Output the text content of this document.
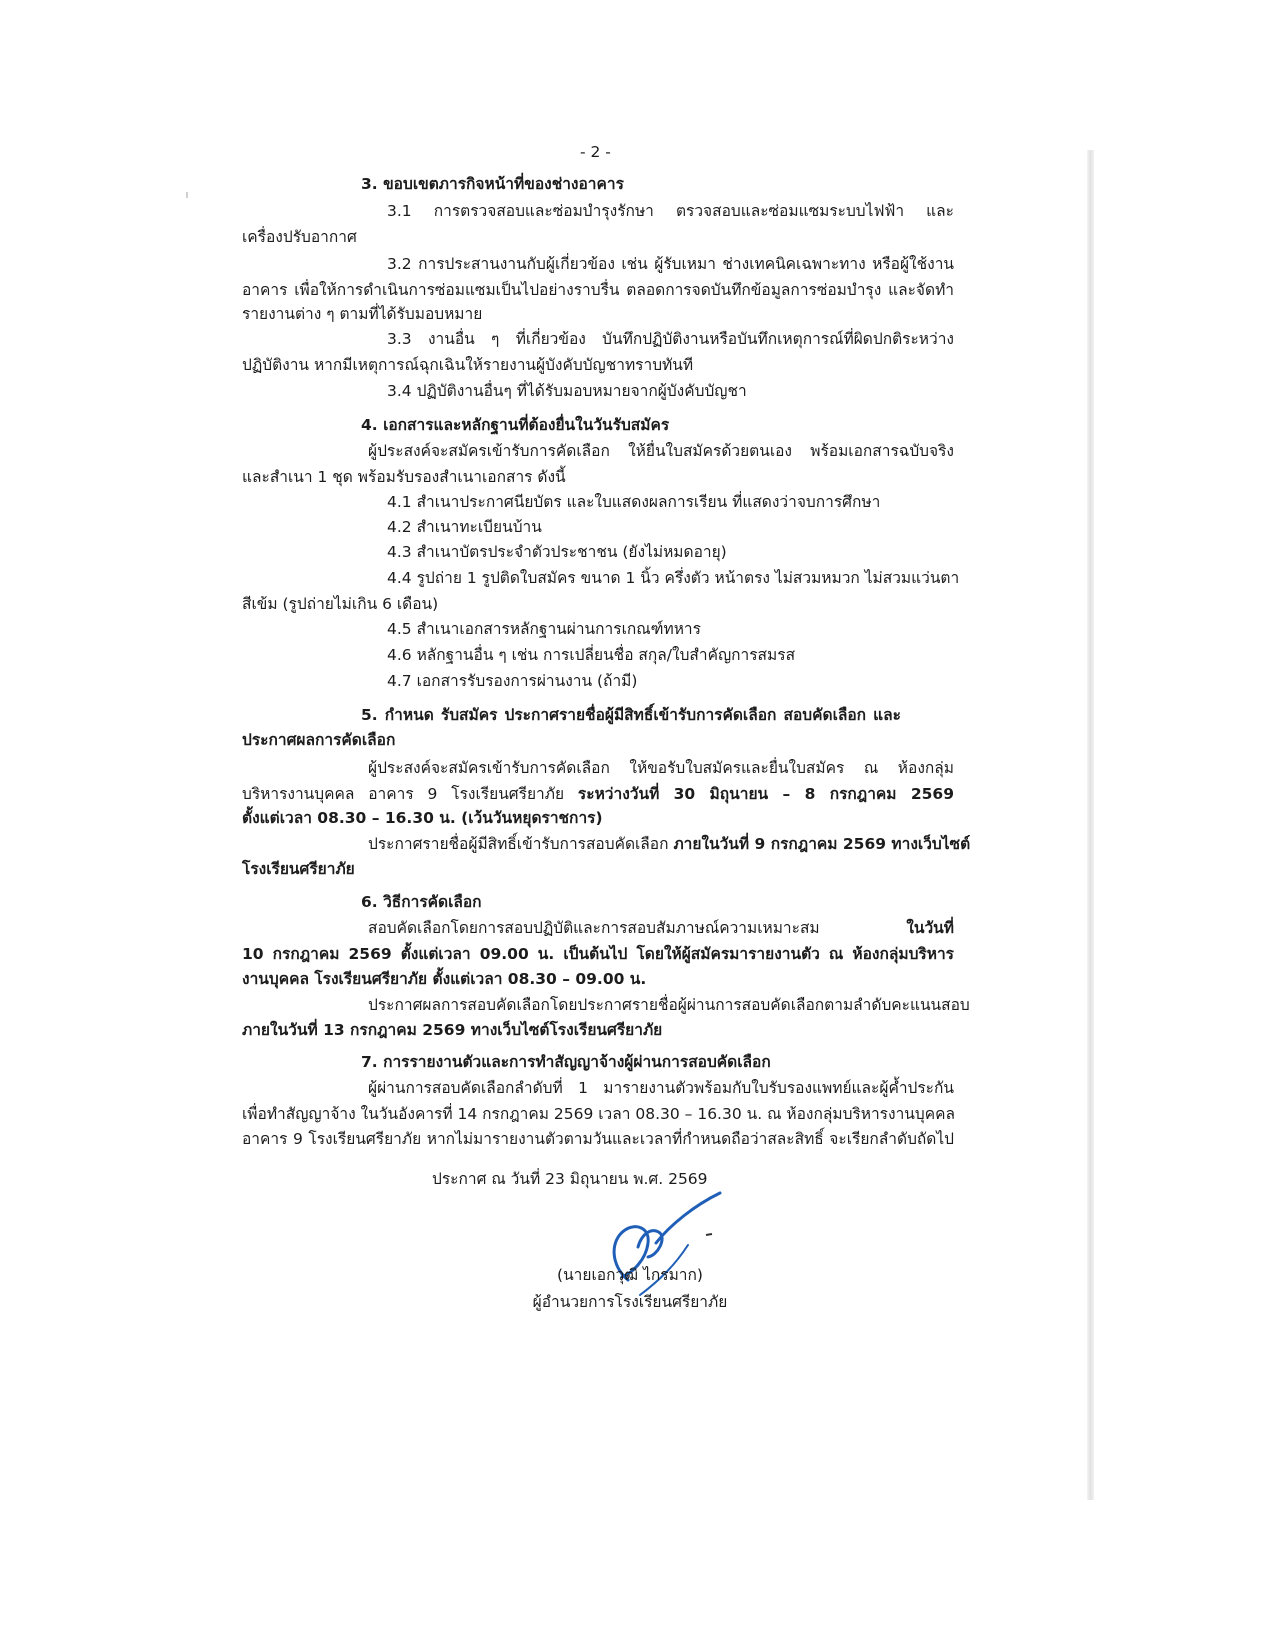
- 2 -

3. ขอบเขตภารกิจหน้าที่ของช่างอาคาร

3.1 การตรวจสอบและซ่อมบำรุงรักษา ตรวจสอบและซ่อมแซมระบบไฟฟ้า และ

เครื่องปรับอากาศ

3.2 การประสานงานกับผู้เกี่ยวข้อง เช่น ผู้รับเหมา ช่างเทคนิคเฉพาะทาง หรือผู้ใช้งาน

อาคาร เพื่อให้การดำเนินการซ่อมแซมเป็นไปอย่างราบรื่น ตลอดการจดบันทึกข้อมูลการซ่อมบำรุง และจัดทำ

รายงานต่าง ๆ ตามที่ได้รับมอบหมาย

3.3 งานอื่น ๆ ที่เกี่ยวข้อง บันทึกปฏิบัติงานหรือบันทึกเหตุการณ์ที่ผิดปกติระหว่าง

ปฏิบัติงาน หากมีเหตุการณ์ฉุกเฉินให้รายงานผู้บังคับบัญชาทราบทันที

3.4 ปฏิบัติงานอื่นๆ ที่ได้รับมอบหมายจากผู้บังคับบัญชา

4. เอกสารและหลักฐานที่ต้องยื่นในวันรับสมัคร

ผู้ประสงค์จะสมัครเข้ารับการคัดเลือก ให้ยื่นใบสมัครด้วยตนเอง พร้อมเอกสารฉบับจริง

และสำเนา 1 ชุด พร้อมรับรองสำเนาเอกสาร ดังนี้

4.1 สำเนาประกาศนียบัตร และใบแสดงผลการเรียน ที่แสดงว่าจบการศึกษา

4.2 สำเนาทะเบียนบ้าน

4.3 สำเนาบัตรประจำตัวประชาชน (ยังไม่หมดอายุ)

4.4 รูปถ่าย 1 รูปติดใบสมัคร ขนาด 1 นิ้ว ครึ่งตัว หน้าตรง ไม่สวมหมวก ไม่สวมแว่นตา

สีเข้ม (รูปถ่ายไม่เกิน 6 เดือน)

4.5 สำเนาเอกสารหลักฐานผ่านการเกณฑ์ทหาร

4.6 หลักฐานอื่น ๆ เช่น การเปลี่ยนชื่อ สกุล/ใบสำคัญการสมรส

4.7 เอกสารรับรองการผ่านงาน (ถ้ามี)

5. กำหนด รับสมัคร ประกาศรายชื่อผู้มีสิทธิ์เข้ารับการคัดเลือก สอบคัดเลือก และ

ประกาศผลการคัดเลือก

ผู้ประสงค์จะสมัครเข้ารับการคัดเลือก ให้ขอรับใบสมัครและยื่นใบสมัคร ณ ห้องกลุ่ม

บริหารงานบุคคล อาคาร 9 โรงเรียนศรียาภัย ระหว่างวันที่ 30 มิถุนายน – 8 กรกฎาคม 2569

ตั้งแต่เวลา 08.30 – 16.30 น. (เว้นวันหยุดราชการ)

ประกาศรายชื่อผู้มีสิทธิ์เข้ารับการสอบคัดเลือก ภายในวันที่ 9 กรกฎาคม 2569 ทางเว็บไซต์

โรงเรียนศรียาภัย

6. วิธีการคัดเลือก

สอบคัดเลือกโดยการสอบปฏิบัติและการสอบสัมภาษณ์ความเหมาะสม ในวันที่

10 กรกฎาคม 2569 ตั้งแต่เวลา 09.00 น. เป็นต้นไป โดยให้ผู้สมัครมารายงานตัว ณ ห้องกลุ่มบริหาร

งานบุคคล โรงเรียนศรียาภัย ตั้งแต่เวลา 08.30 – 09.00 น.

ประกาศผลการสอบคัดเลือกโดยประกาศรายชื่อผู้ผ่านการสอบคัดเลือกตามลำดับคะแนนสอบ

ภายในวันที่ 13 กรกฎาคม 2569 ทางเว็บไซต์โรงเรียนศรียาภัย

7. การรายงานตัวและการทำสัญญาจ้างผู้ผ่านการสอบคัดเลือก

ผู้ผ่านการสอบคัดเลือกลำดับที่ 1 มารายงานตัวพร้อมกับใบรับรองแพทย์และผู้ค้ำประกัน

เพื่อทำสัญญาจ้าง ในวันอังคารที่ 14 กรกฎาคม 2569 เวลา 08.30 – 16.30 น. ณ ห้องกลุ่มบริหารงานบุคคล

อาคาร 9 โรงเรียนศรียาภัย หากไม่มารายงานตัวตามวันและเวลาที่กำหนดถือว่าสละสิทธิ์ จะเรียกลำดับถัดไป

ประกาศ ณ วันที่ 23 มิถุนายน พ.ศ. 2569

(นายเอกวุฒิ ไกรมาก)

ผู้อำนวยการโรงเรียนศรียาภัย
